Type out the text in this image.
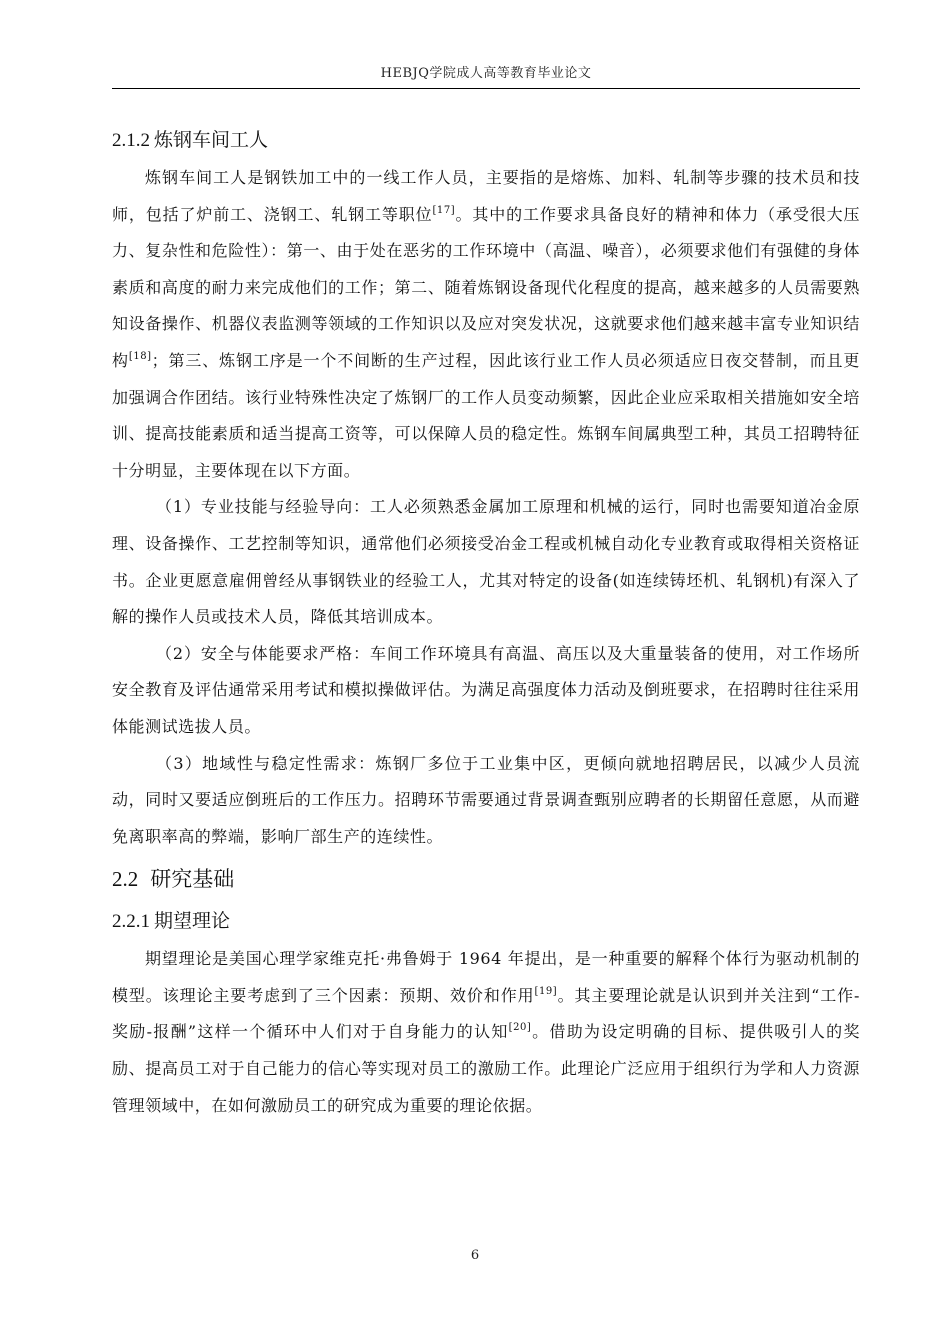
HEBJQ学院成人高等教育毕业论文
2.1.2 炼钢车间工人

炼钢车间工人是钢铁加工中的一线工作人员，主要指的是熔炼、加料、轧制等步骤的技术员和技师，包括了炉前工、浇钢工、轧钢工等职位[17]。其中的工作要求具备良好的精神和体力（承受很大压力、复杂性和危险性）：第一、由于处在恶劣的工作环境中（高温、噪音），必须要求他们有强健的身体素质和高度的耐力来完成他们的工作；第二、随着炼钢设备现代化程度的提高，越来越多的人员需要熟知设备操作、机器仪表监测等领域的工作知识以及应对突发状况，这就要求他们越来越丰富专业知识结构[18]；第三、炼钢工序是一个不间断的生产过程，因此该行业工作人员必须适应日夜交替制，而且更加强调合作团结。该行业特殊性决定了炼钢厂的工作人员变动频繁，因此企业应采取相关措施如安全培训、提高技能素质和适当提高工资等，可以保障人员的稳定性。炼钢车间属典型工种，其员工招聘特征十分明显，主要体现在以下方面。

（1）专业技能与经验导向：工人必须熟悉金属加工原理和机械的运行，同时也需要知道冶金原理、设备操作、工艺控制等知识，通常他们必须接受冶金工程或机械自动化专业教育或取得相关资格证书。企业更愿意雇佣曾经从事钢铁业的经验工人，尤其对特定的设备(如连续铸坯机、轧钢机)有深入了解的操作人员或技术人员，降低其培训成本。

（2）安全与体能要求严格：车间工作环境具有高温、高压以及大重量装备的使用，对工作场所安全教育及评估通常采用考试和模拟操做评估。为满足高强度体力活动及倒班要求，在招聘时往往采用体能测试选拔人员。

（3）地域性与稳定性需求：炼钢厂多位于工业集中区，更倾向就地招聘居民，以减少人员流动，同时又要适应倒班后的工作压力。招聘环节需要通过背景调查甄别应聘者的长期留任意愿，从而避免离职率高的弊端，影响厂部生产的连续性。

2.2 研究基础
2.2.1 期望理论

期望理论是美国心理学家维克托·弗鲁姆于 1964 年提出，是一种重要的解释个体行为驱动机制的模型。该理论主要考虑到了三个因素：预期、效价和作用[19]。其主要理论就是认识到并关注到“工作-奖励-报酬”这样一个循环中人们对于自身能力的认知[20]。借助为设定明确的目标、提供吸引人的奖励、提高员工对于自己能力的信心等实现对员工的激励工作。此理论广泛应用于组织行为学和人力资源管理领域中，在如何激励员工的研究成为重要的理论依据。

6
